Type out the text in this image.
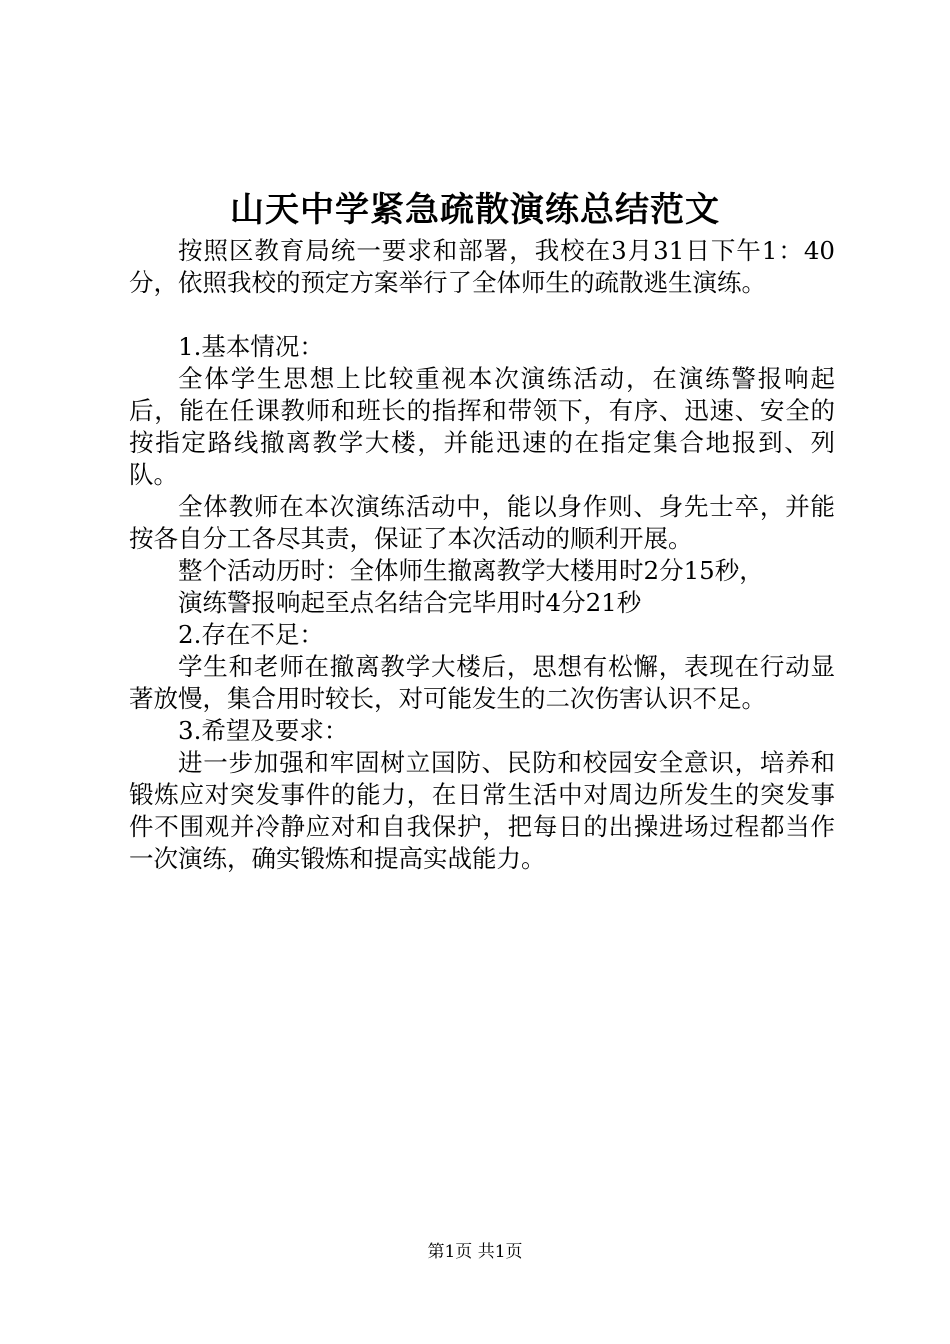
山天中学紧急疏散演练总结范文

按照区教育局统一要求和部署，我校在3月31日下午1：40分，依照我校的预定方案举行了全体师生的疏散逃生演练。

1.基本情况：

全体学生思想上比较重视本次演练活动，在演练警报响起后，能在任课教师和班长的指挥和带领下，有序、迅速、安全的按指定路线撤离教学大楼，并能迅速的在指定集合地报到、列队。

全体教师在本次演练活动中，能以身作则、身先士卒，并能按各自分工各尽其责，保证了本次活动的顺利开展。

整个活动历时：全体师生撤离教学大楼用时2分15秒，

演练警报响起至点名结合完毕用时4分21秒

2.存在不足：

学生和老师在撤离教学大楼后，思想有松懈，表现在行动显著放慢，集合用时较长，对可能发生的二次伤害认识不足。

3.希望及要求：

进一步加强和牢固树立国防、民防和校园安全意识，培养和锻炼应对突发事件的能力，在日常生活中对周边所发生的突发事件不围观并冷静应对和自我保护，把每日的出操进场过程都当作一次演练，确实锻炼和提高实战能力。

第1页 共1页
